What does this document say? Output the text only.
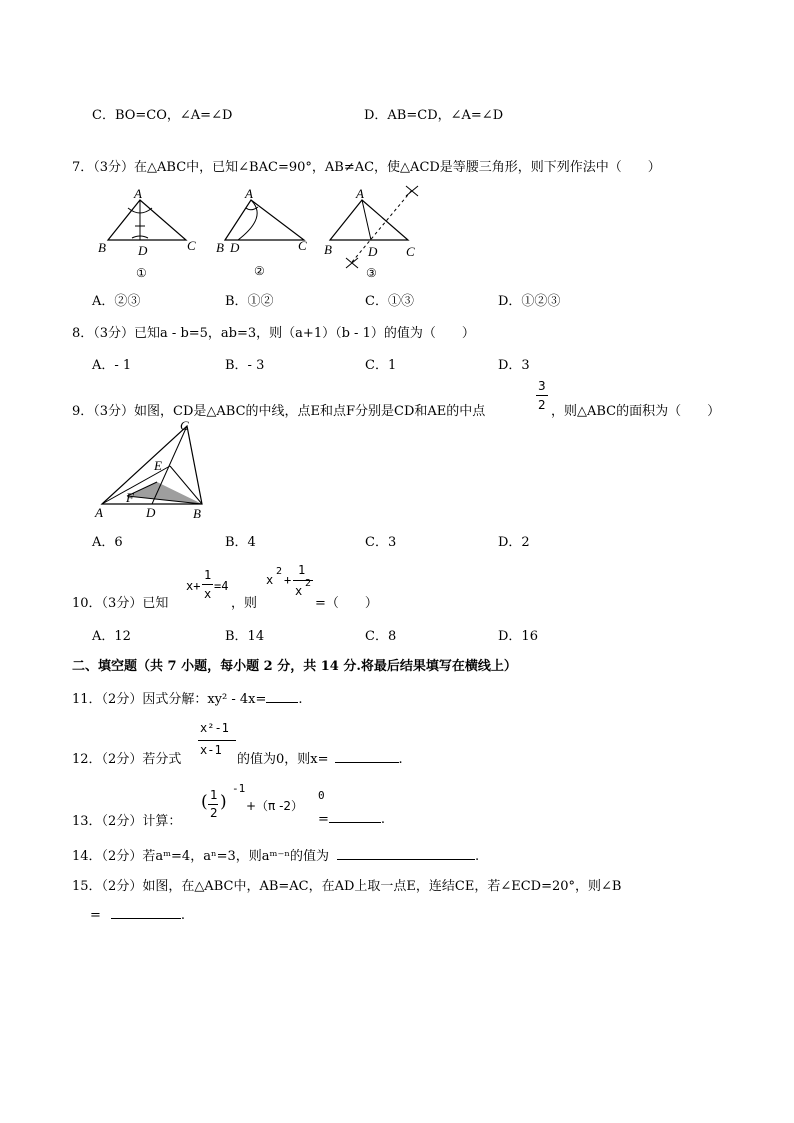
C．BO=CO，∠A=∠D	D．AB=CD，∠A=∠D
7．（3分）在△ABC中，已知∠BAC=90°，AB≠AC，使△ACD是等腰三角形，则下列作法中（　　）
A
B D	C
①
A
B D	C
②
A
B	D C
③
A．②③	B．①②	C．①③	D．①②③
8．（3分）已知a - b=5，ab=3，则（a+1）（b - 1）的值为（　　）
A．- 1	B．- 3	C．1	D．3
9．（3分）如图，CD是△ABC的中线，点E和点F分别是CD和AE的中点
3
2 ，则△ABC的面积为（　　）
C
E
F
A	D	B
A．6	B．4	C．3	D．2
10．（3分）已知
x+
1
x
=4
，则
x
2
+
1
x
2
=（　　）
A．12	B．14	C．8	D．16
二、填空题（共 7 小题，每小题 2 分，共 14 分.将最后结果填写在横线上）
11．（2分）因式分解：xy² - 4x= .
12．（2分）若分式
x²-1
x-1
的值为0，则x=	.
13．（2分）计算：
( 1
2
)
-1
+（π -2）
0
=	.
14．（2分）若aᵐ=4，aⁿ=3，则aᵐ⁻ⁿ的值为	.
15．（2分）如图，在△ABC中，AB=AC，在AD上取一点E，连结CE，若∠ECD=20°，则∠B
=	.
